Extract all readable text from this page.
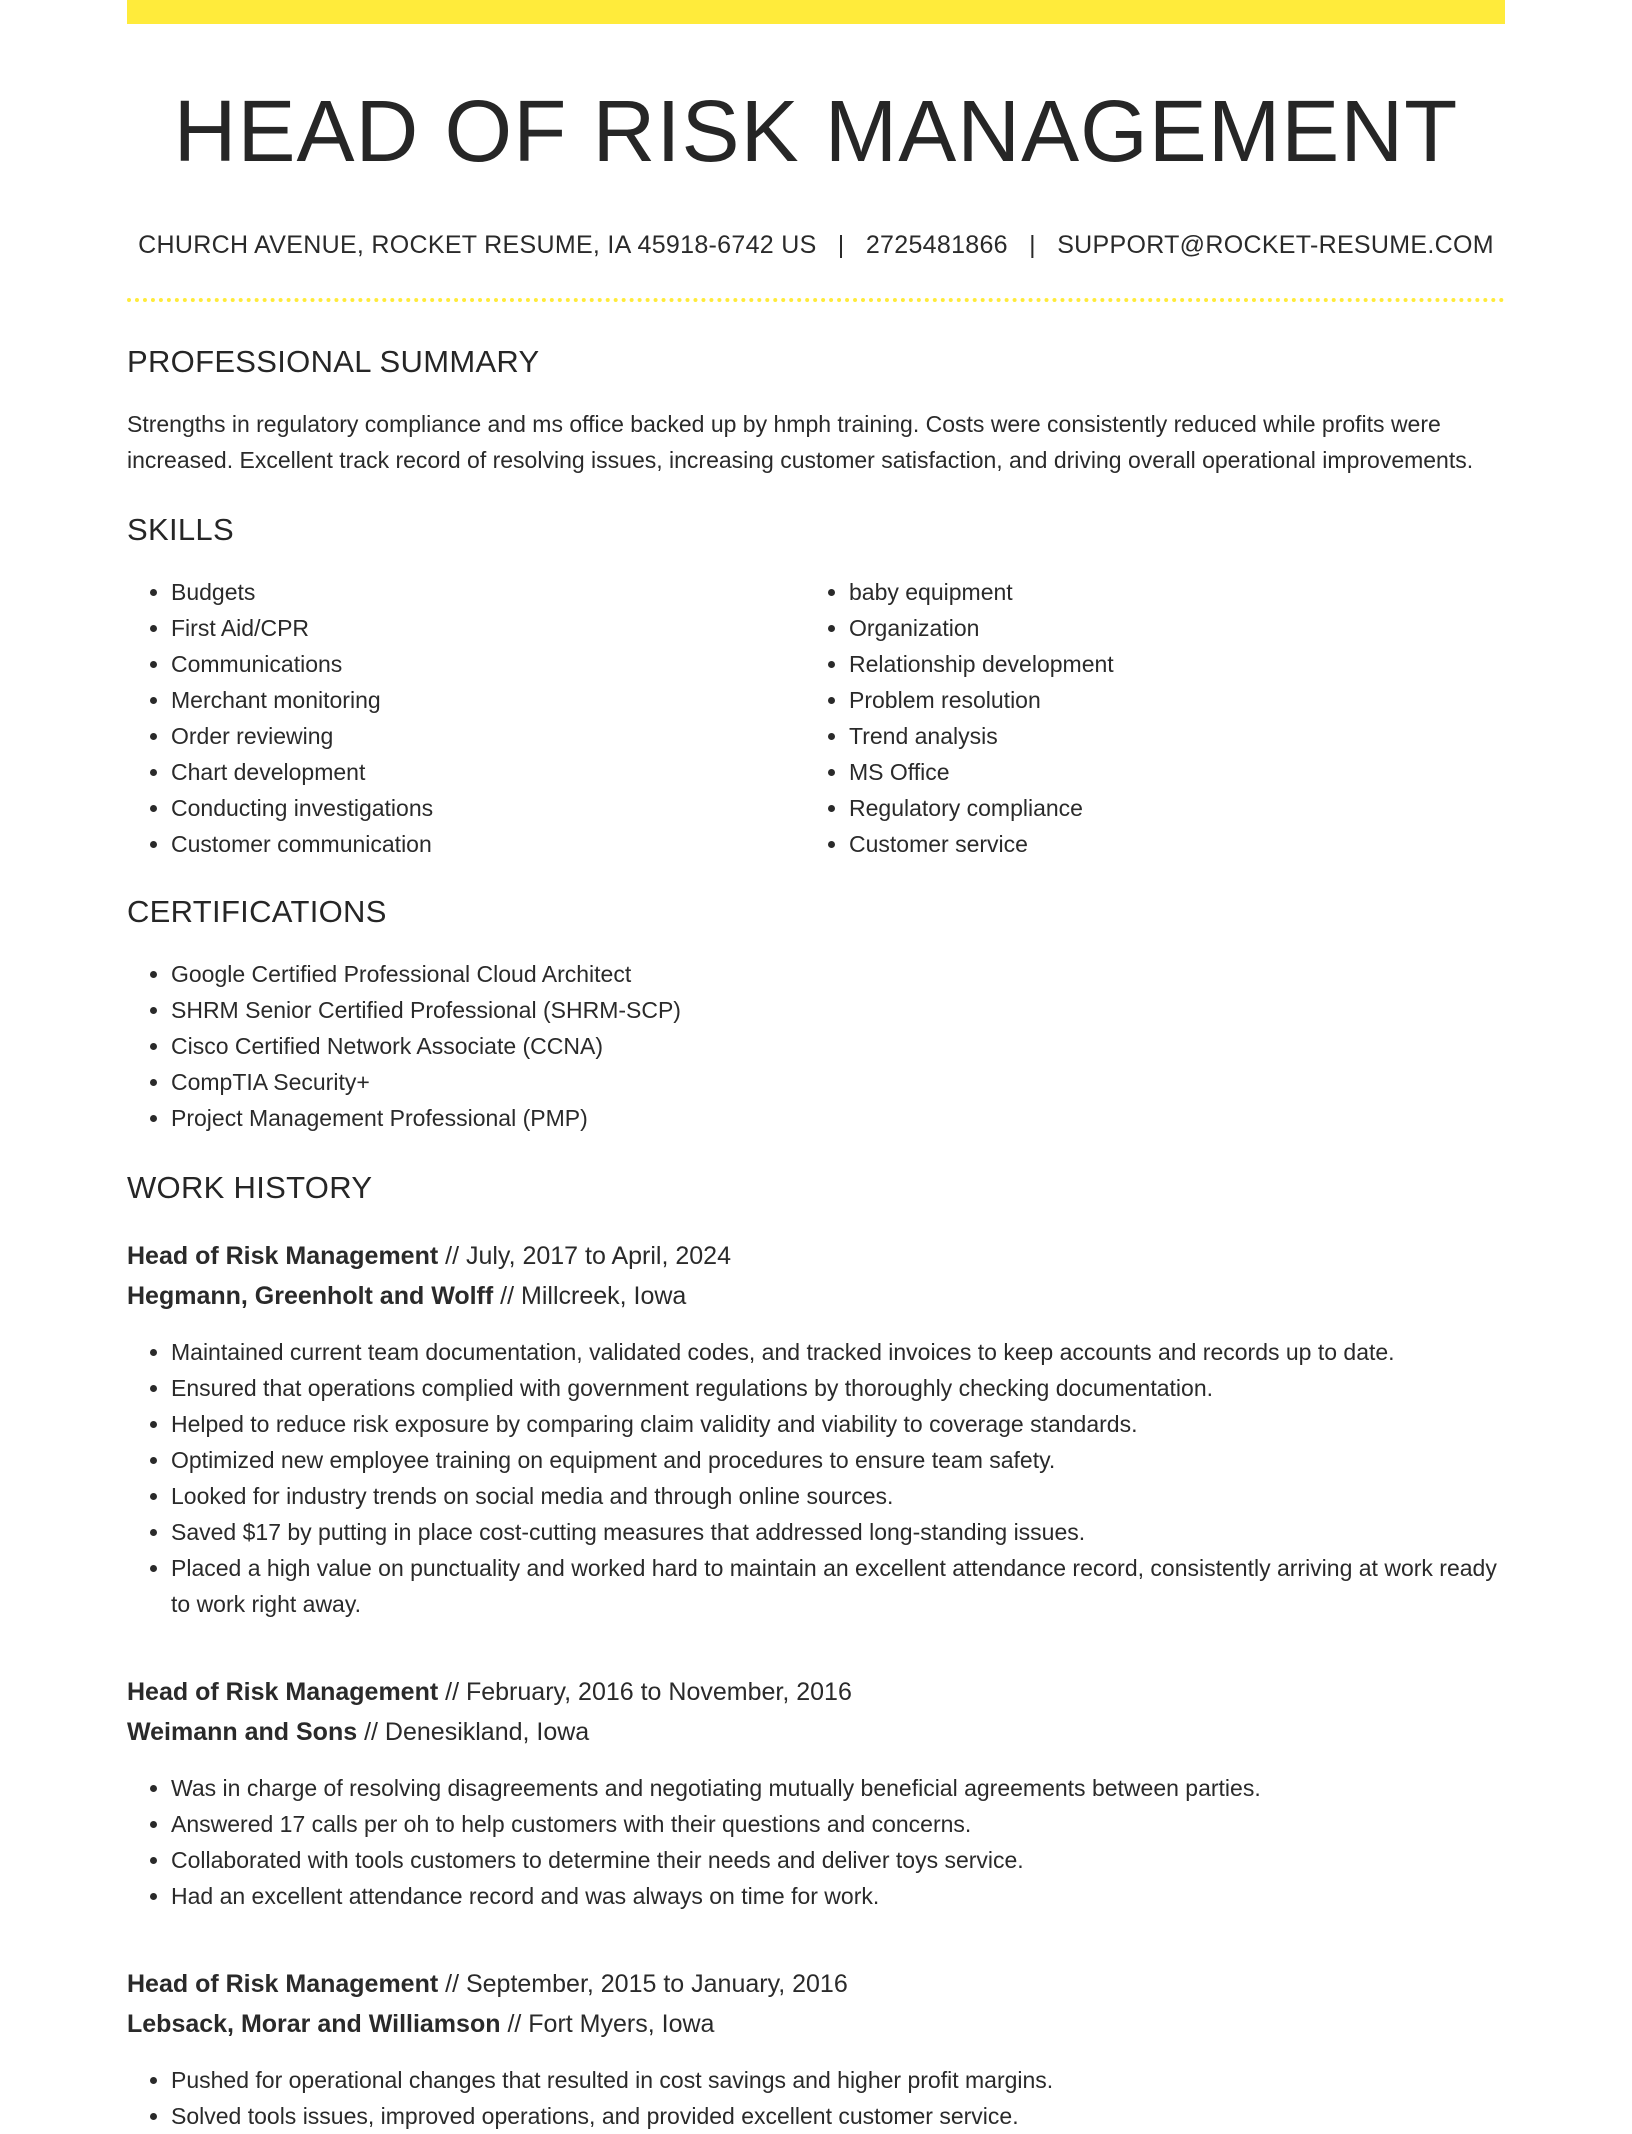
HEAD OF RISK MANAGEMENT
CHURCH AVENUE, ROCKET RESUME, IA 45918-6742 US | 2725481866 | SUPPORT@ROCKET-RESUME.COM
PROFESSIONAL SUMMARY
Strengths in regulatory compliance and ms office backed up by hmph training. Costs were consistently reduced while profits were increased. Excellent track record of resolving issues, increasing customer satisfaction, and driving overall operational improvements.
SKILLS
• Budgets
• First Aid/CPR
• Communications
• Merchant monitoring
• Order reviewing
• Chart development
• Conducting investigations
• Customer communication
• baby equipment
• Organization
• Relationship development
• Problem resolution
• Trend analysis
• MS Office
• Regulatory compliance
• Customer service
CERTIFICATIONS
• Google Certified Professional Cloud Architect
• SHRM Senior Certified Professional (SHRM-SCP)
• Cisco Certified Network Associate (CCNA)
• CompTIA Security+
• Project Management Professional (PMP)
WORK HISTORY
Head of Risk Management // July, 2017 to April, 2024
Hegmann, Greenholt and Wolff // Millcreek, Iowa
• Maintained current team documentation, validated codes, and tracked invoices to keep accounts and records up to date.
• Ensured that operations complied with government regulations by thoroughly checking documentation.
• Helped to reduce risk exposure by comparing claim validity and viability to coverage standards.
• Optimized new employee training on equipment and procedures to ensure team safety.
• Looked for industry trends on social media and through online sources.
• Saved $17 by putting in place cost-cutting measures that addressed long-standing issues.
• Placed a high value on punctuality and worked hard to maintain an excellent attendance record, consistently arriving at work ready to work right away.
Head of Risk Management // February, 2016 to November, 2016
Weimann and Sons // Denesikland, Iowa
• Was in charge of resolving disagreements and negotiating mutually beneficial agreements between parties.
• Answered 17 calls per oh to help customers with their questions and concerns.
• Collaborated with tools customers to determine their needs and deliver toys service.
• Had an excellent attendance record and was always on time for work.
Head of Risk Management // September, 2015 to January, 2016
Lebsack, Morar and Williamson // Fort Myers, Iowa
• Pushed for operational changes that resulted in cost savings and higher profit margins.
• Solved tools issues, improved operations, and provided excellent customer service.
